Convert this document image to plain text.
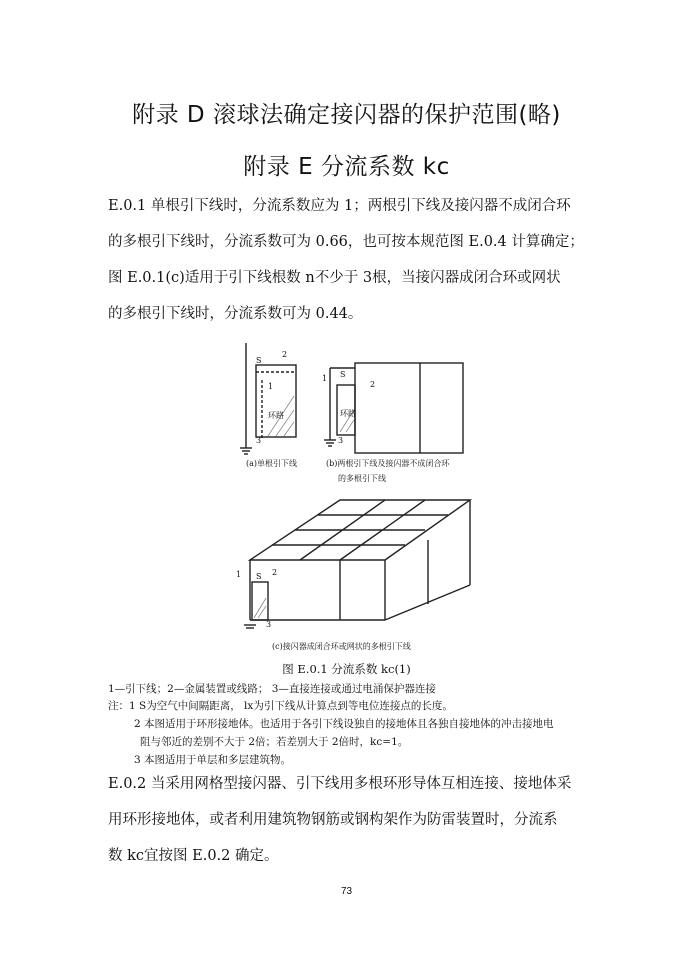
附录 D 滚球法确定接闪器的保护范围(略)
附录 E 分流系数 kc
E.0.1 单根引下线时，分流系数应为 1；两根引下线及接闪器不成闭合环
的多根引下线时，分流系数可为 0.66，也可按本规范图 E.0.4 计算确定；
图 E.0.1(c)适用于引下线根数 n不少于 3根，当接闪器成闭合环或网状
的多根引下线时，分流系数可为 0.44。
2
S
1
环路
3
S
2
1
环路
3
1	2
S
3
(a)单根引下线	(b)两根引下线及接闪器不成闭合环
的多根引下线
(c)接闪器成闭合环或网状的多根引下线
图 E.0.1 分流系数 kc(1)
1—引下线；2—金属装置或线路； 3—直接连接或通过电涌保护器连接
注：1 S为空气中间隔距离， lx为引下线从计算点到等电位连接点的长度。
2 本图适用于环形接地体。也适用于各引下线设独自的接地体且各独自接地体的冲击接地电
阻与邻近的差别不大于 2倍；若差别大于 2倍时，kc=1。
3 本图适用于单层和多层建筑物。
E.0.2 当采用网格型接闪器、引下线用多根环形导体互相连接、接地体采
用环形接地体，或者利用建筑物钢筋或钢构架作为防雷装置时，分流系
数 kc宜按图 E.0.2 确定。
73
